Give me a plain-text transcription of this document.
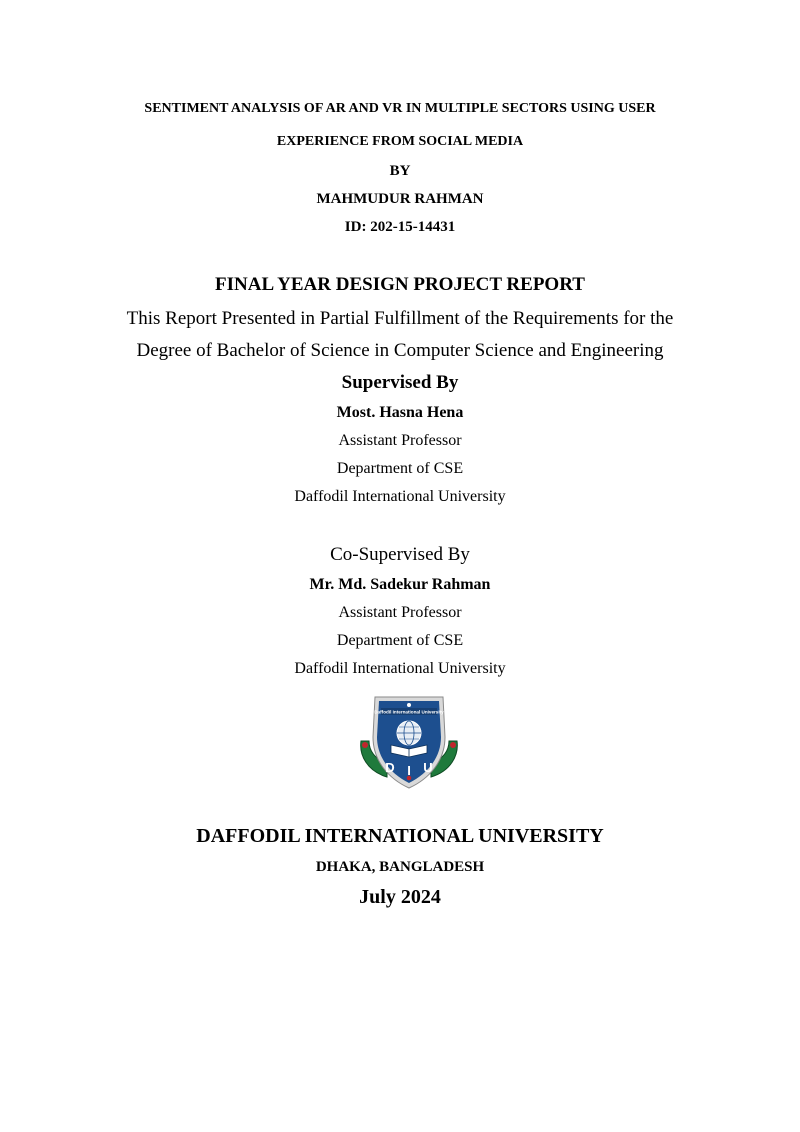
SENTIMENT ANALYSIS OF AR AND VR IN MULTIPLE SECTORS USING USER
EXPERIENCE FROM SOCIAL MEDIA
BY
MAHMUDUR RAHMAN
ID: 202-15-14431
FINAL YEAR DESIGN PROJECT REPORT
This Report Presented in Partial Fulfillment of the Requirements for the
Degree of Bachelor of Science in Computer Science and Engineering
Supervised By
Most. Hasna Hena
Assistant Professor
Department of CSE
Daffodil International University
Co-Supervised By
Mr. Md. Sadekur Rahman
Assistant Professor
Department of CSE
Daffodil International University
Daffodil International University
D I U
DAFFODIL INTERNATIONAL UNIVERSITY
DHAKA, BANGLADESH
July 2024
